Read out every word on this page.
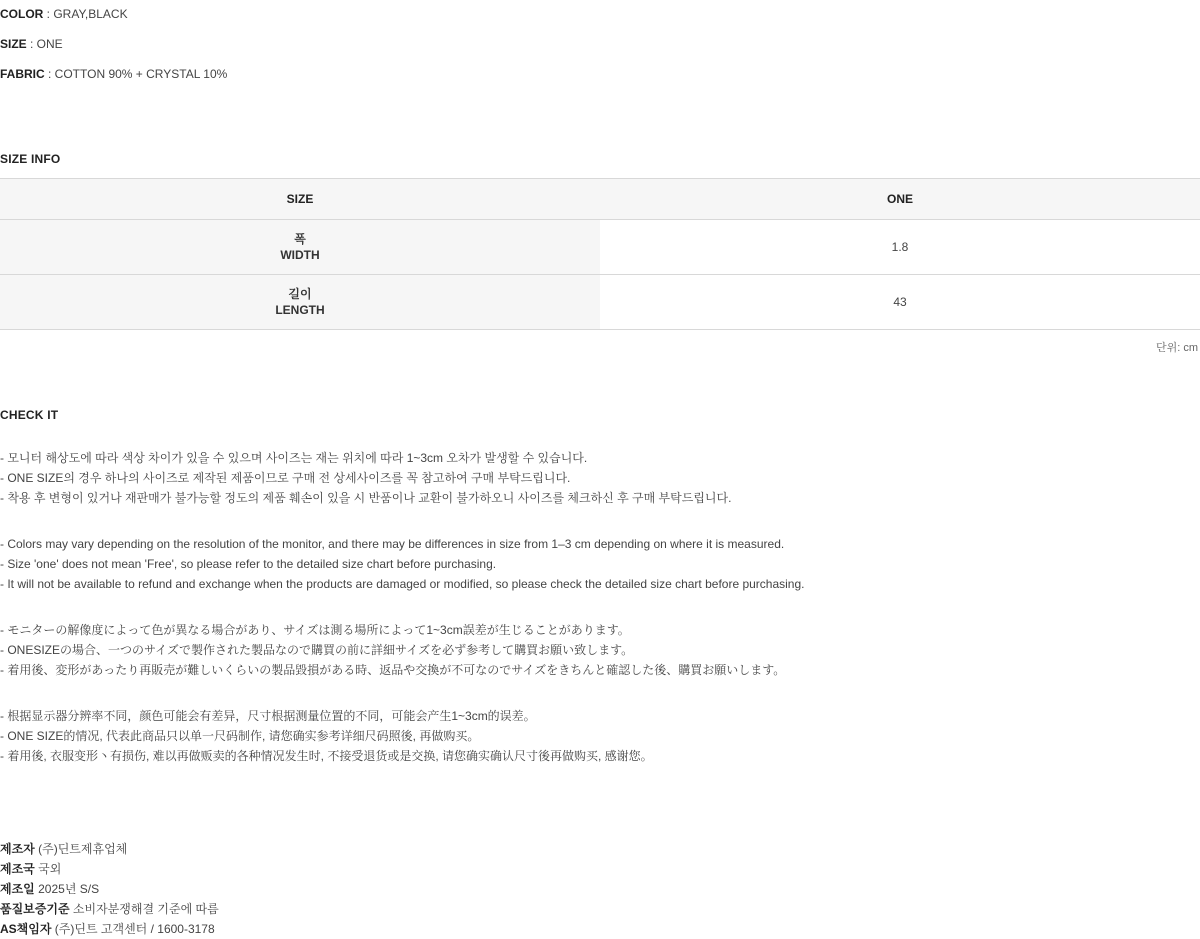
COLOR : GRAY,BLACK
SIZE : ONE
FABRIC : COTTON 90% + CRYSTAL 10%
SIZE INFO
SIZE	ONE

폭
WIDTH	1.8

길이
LENGTH	43
단위: cm
CHECK IT
- 모니터 해상도에 따라 색상 차이가 있을 수 있으며 사이즈는 재는 위치에 따라 1~3cm 오차가 발생할 수 있습니다.
- ONE SIZE의 경우 하나의 사이즈로 제작된 제품이므로 구매 전 상세사이즈를 꼭 참고하여 구매 부탁드립니다.
- 착용 후 변형이 있거나 재판매가 불가능할 정도의 제품 훼손이 있을 시 반품이나 교환이 불가하오니 사이즈를 체크하신 후 구매 부탁드립니다.
- Colors may vary depending on the resolution of the monitor, and there may be differences in size from 1–3 cm depending on where it is measured.
- Size 'one' does not mean 'Free', so please refer to the detailed size chart before purchasing.
- It will not be available to refund and exchange when the products are damaged or modified, so please check the detailed size chart before purchasing.
- モニターの解像度によって色が異なる場合があり、サイズは測る場所によって1~3cm誤差が生じることがあります。
- ONESIZEの場合、一つのサイズで製作された製品なので購買の前に詳細サイズを必ず参考して購買お願い致します。
- 着用後、変形があったり再販売が難しいくらいの製品毀損がある時、返品や交換が不可なのでサイズをきちんと確認した後、購買お願いします。
- 根据显示器分辨率不同，颜色可能会有差异，尺寸根据测量位置的不同，可能会产生1~3cm的误差。
- ONE SIZE的情况, 代表此商品只以单一尺码制作, 请您确实参考详细尺码照後, 再做购买。
- 着用後, 衣服变形丶有损伤, 难以再做贩卖的各种情况发生时, 不接受退货或是交换, 请您确实确认尺寸後再做购买, 感谢您。
제조자 (주)딘트제휴업체
제조국 국외
제조일 2025년 S/S
품질보증기준 소비자분쟁해결 기준에 따름
AS책임자 (주)딘트 고객센터 / 1600-3178
